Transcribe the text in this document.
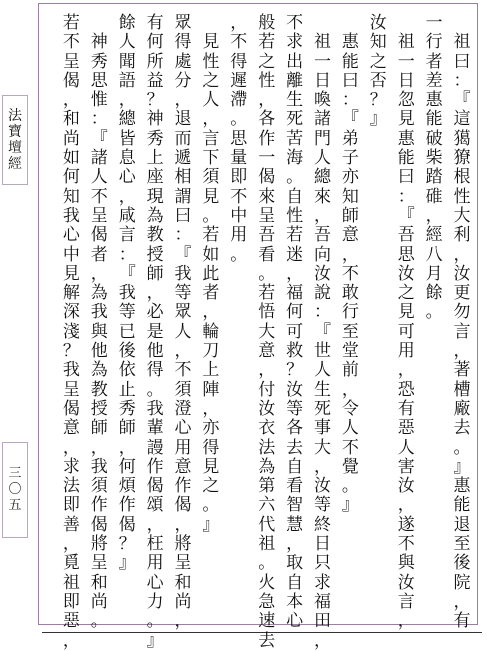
法
寶
壇
經
三
〇
五
祖
曰
：
『
這
獦
獠
根
性
大
利
，
汝
更
勿
言
，
著
槽
廠
去
。
』
惠
能
退
至
後
院
，
有
一
行
者
差
惠
能
破
柴
踏
碓
，
經
八
月
餘
。
祖
一
日
忽
見
惠
能
曰
：
『
吾
思
汝
之
見
可
用
，
恐
有
惡
人
害
汝
，
遂
不
與
汝
言
，
汝
知
之
否
？
』
惠
能
曰
：
『
弟
子
亦
知
師
意
，
不
敢
行
至
堂
前
，
令
人
不
覺
。
』
祖
一
日
喚
諸
門
人
總
來
，
吾
向
汝
說
：
『
世
人
生
死
事
大
，
汝
等
終
日
只
求
福
田
，
不
求
出
離
生
死
苦
海
。
自
性
若
迷
，
福
何
可
救
？
汝
等
各
去
自
看
智
慧
，
取
自
本
心
般
若
之
性
，
各
作
一
偈
來
呈
吾
看
。
若
悟
大
意
，
付
汝
衣
法
為
第
六
代
祖
。
火
急
速
去
，
不
得
遲
滯
。
思
量
即
不
中
用
。
見
性
之
人
，
言
下
須
見
。
若
如
此
者
，
輪
刀
上
陣
，
亦
得
見
之
。
』
眾
得
處
分
，
退
而
遞
相
謂
曰
：
『
我
等
眾
人
，
不
須
澄
心
用
意
作
偈
，
將
呈
和
尚
，
有
何
所
益
？
神
秀
上
座
現
為
教
授
師
，
必
是
他
得
。
我
輩
謾
作
偈
頌
，
枉
用
心
力
。
』
餘
人
聞
語
，
總
皆
息
心
，
咸
言
：
『
我
等
已
後
依
止
秀
師
，
何
煩
作
偈
？
』
神
秀
思
惟
：
『
諸
人
不
呈
偈
者
，
為
我
與
他
為
教
授
師
，
我
須
作
偈
將
呈
和
尚
。
若
不
呈
偈
，
和
尚
如
何
知
我
心
中
見
解
深
淺
？
我
呈
偈
意
，
求
法
即
善
，
覓
祖
即
惡
，
